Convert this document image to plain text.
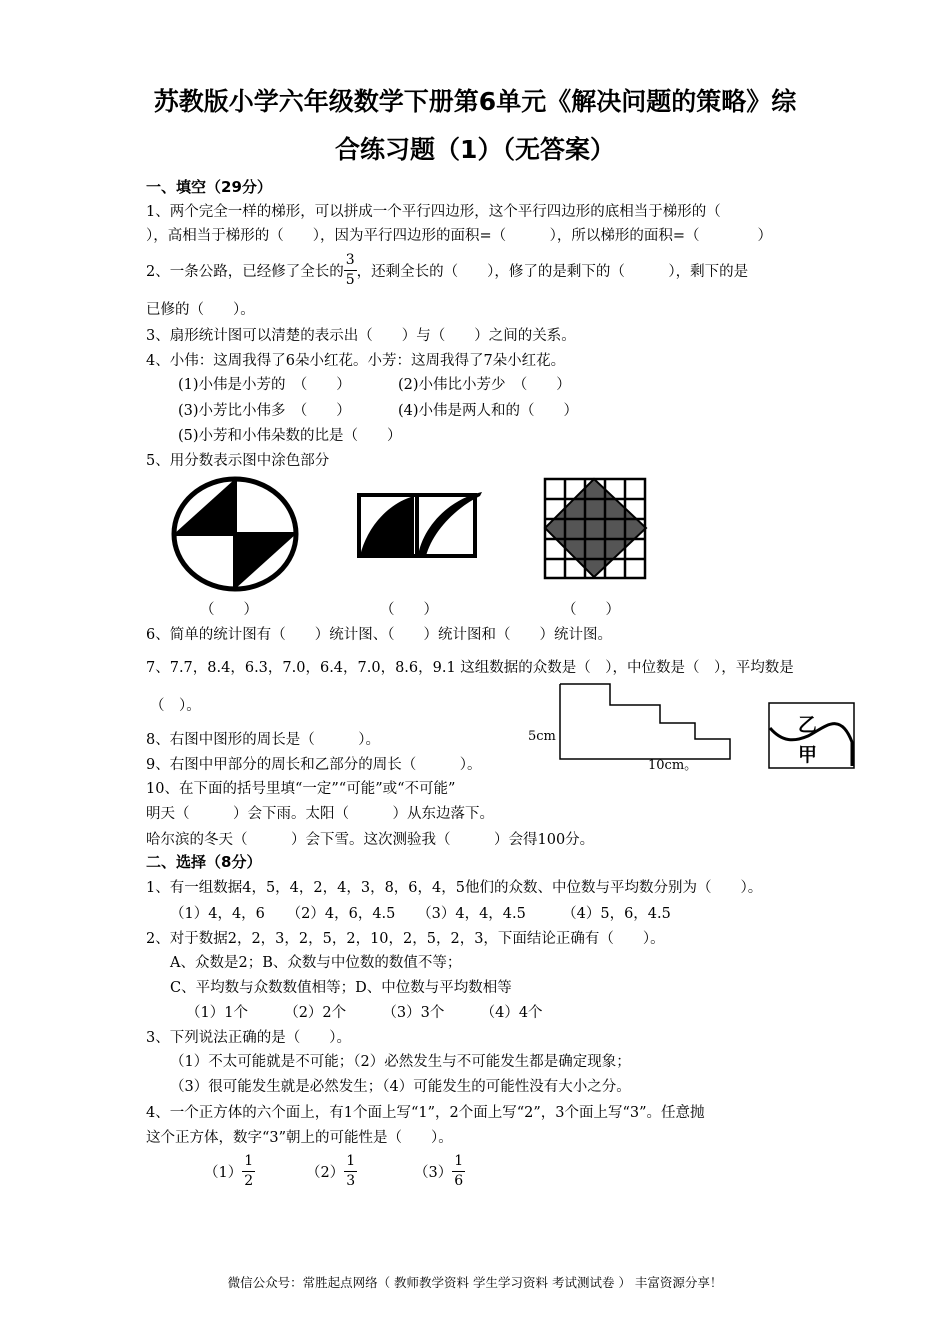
苏教版小学六年级数学下册第6单元《解决问题的策略》综
合练习题（1）（无答案）
一、填空（29分）
1、两个完全一样的梯形，可以拼成一个平行四边形，这个平行四边形的底相当于梯形的（
），高相当于梯形的（　　），因为平行四边形的面积=（　　　），所以梯形的面积=（　　　　）
2、一条公路，已经修了全长的 $\frac{3}{5}$ ，还剩全长的（　　），修了的是剩下的（　　　），剩下的是
已修的（　　）。
3、扇形统计图可以清楚的表示出（　　）与（　　）之间的关系。
4、小伟：这周我得了6朵小红花。小芳：这周我得了7朵小红花。
(1)小伟是小芳的　（　　）	(2)小伟比小芳少　（　　）
(3)小芳比小伟多　（　　）	(4)小伟是两人和的（　　）
(5)小芳和小伟朵数的比是（　　）
5、用分数表示图中涂色部分
（　　）	（　　）	（　　）
6、简单的统计图有（　　）统计图、（　　）统计图和（　　）统计图。
7、7.7，8.4，6.3，7.0，6.4，7.0，8.6，9.1 这组数据的众数是（　），中位数是（　），平均数是
（　）。
5cm
10cm。
乙
甲
8、右图中图形的周长是（　　　）。
9、右图中甲部分的周长和乙部分的周长（　　　）。
10、在下面的括号里填“一定”“可能”或“不可能”
明天（　　　）会下雨。太阳（　　　）从东边落下。
哈尔滨的冬天（　　　）会下雪。这次测验我（　　　）会得100分。
二、选择（8分）
1、有一组数据4，5，4，2，4，3，8，6，4，5他们的众数、中位数与平均数分别为（　　）。
（1）4，4，6　　（2）4，6，4.5　　（3）4，4，4.5　　　（4）5，6，4.5
2、对于数据2，2，3，2，5，2，10，2，5，2，3，下面结论正确有（　　）。
A、众数是2；B、众数与中位数的数值不等；
C、平均数与众数数值相等；D、中位数与平均数相等
（1）1个　　　（2）2个　　　（3）3个　　　（4）4个
3、下列说法正确的是（　　）。
（1）不太可能就是不可能；（2）必然发生与不可能发生都是确定现象；
（3）很可能发生就是必然发生；（4）可能发生的可能性没有大小之分。
4、一个正方体的六个面上，有1个面上写“1”，2个面上写“2”，3个面上写“3”。任意抛
这个正方体，数字“3”朝上的可能性是（　　）。
$(1) \frac{1}{2}$	$(2) \frac{1}{3}$	$(3) \frac{1}{6}$
微信公众号：常胜起点网络（ 教师教学资料 学生学习资料 考试测试卷 ） 丰富资源分享！
